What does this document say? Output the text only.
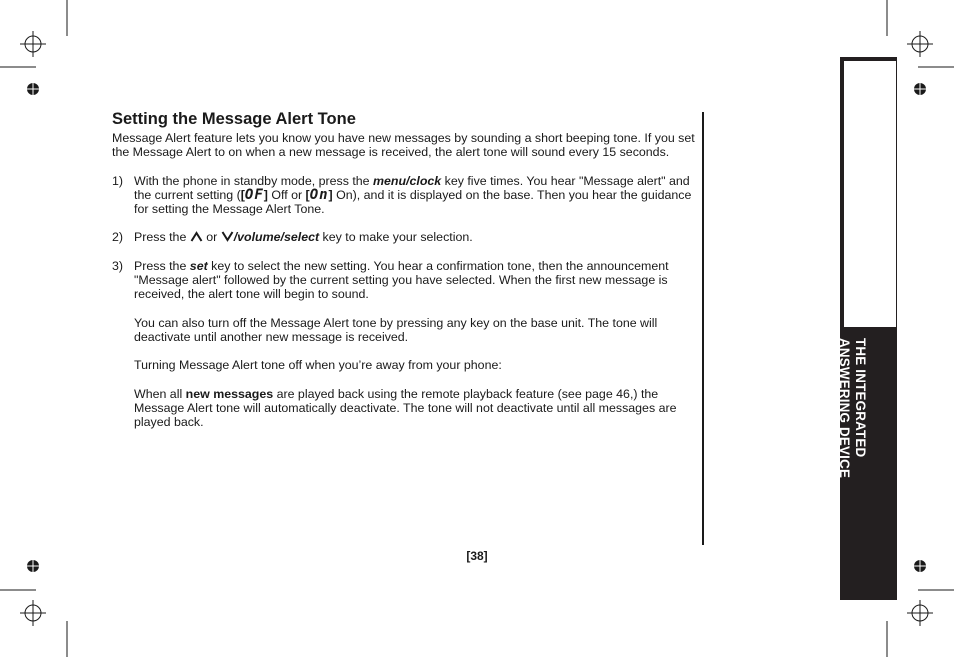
Setting the Message Alert Tone

Message Alert feature lets you know you have new messages by sounding a short beeping tone. If you set the Message Alert to on when a new message is received, the alert tone will sound every 15 seconds.

1) With the phone in standby mode, press the menu/clock key five times. You hear "Message alert" and the current setting ([OF] Off or [On] On), and it is displayed on the base. Then you hear the guidance for setting the Message Alert Tone.
2) Press the  or /volume/select key to make your selection.
3) Press the set key to select the new setting. You hear a confirmation tone, then the announcement "Message alert" followed by the current setting you have selected. When the first new message is received, the alert tone will begin to sound.
You can also turn off the Message Alert tone by pressing any key on the base unit. The tone will deactivate until another new message is received.
Turning Message Alert tone off when you’re away from your phone:
When all new messages are played back using the remote playback feature (see page 46,) the Message Alert tone will automatically deactivate. The tone will not deactivate until all messages are played back.
[38]
THE INTEGRATED
ANSWERING DEVICE
